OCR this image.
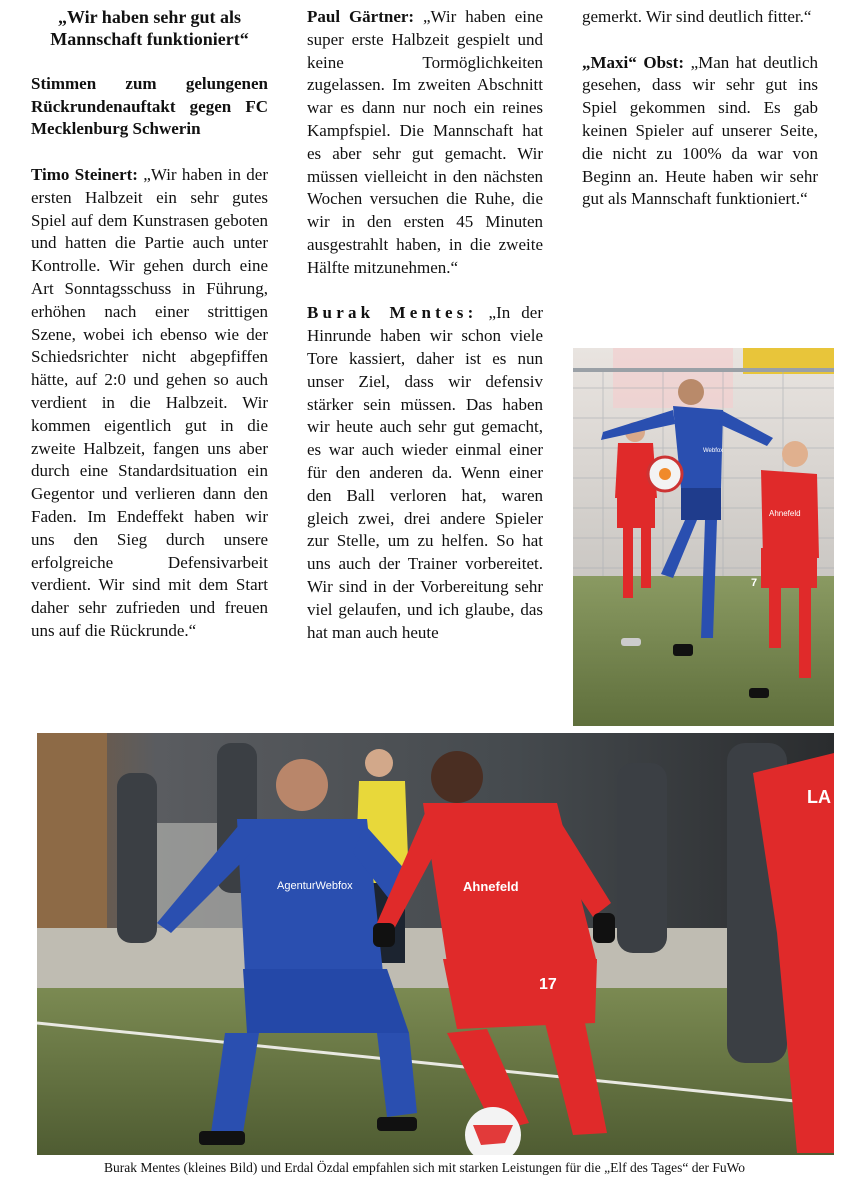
„Wir haben sehr gut als Mannschaft funktioniert“

Stimmen zum gelungenen Rückrundenauftakt gegen FC Mecklenburg Schwerin

Timo Steinert: „Wir haben in der ersten Halbzeit ein sehr gutes Spiel auf dem Kunstrasen geboten und hatten die Partie auch unter Kontrolle. Wir gehen durch eine Art Sonntagsschuss in Führung, erhöhen nach einer strittigen Szene, wobei ich ebenso wie der Schiedsrichter nicht abgepfiffen hätte, auf 2:0 und gehen so auch verdient in die Halbzeit. Wir kommen eigentlich gut in die zweite Halbzeit, fangen uns aber durch eine Standardsituation ein Gegentor und verlieren dann den Faden. Im Endeffekt haben wir uns den Sieg durch unsere erfolgreiche Defensivarbeit verdient. Wir sind mit dem Start daher sehr zufrieden und freuen uns auf die Rückrunde.“

Paul Gärtner: „Wir haben eine super erste Halbzeit gespielt und keine Tormöglichkeiten zugelassen. Im zweiten Abschnitt war es dann nur noch ein reines Kampfspiel. Die Mannschaft hat es aber sehr gut gemacht. Wir müssen vielleicht in den nächsten Wochen versuchen die Ruhe, die wir in den ersten 45 Minuten ausgestrahlt haben, in die zweite Hälfte mitzunehmen.“

Burak Mentes: „In der Hinrunde haben wir schon viele Tore kassiert, daher ist es nun unser Ziel, dass wir defensiv stärker sein müssen. Das haben wir heute auch sehr gut gemacht, es war auch wieder einmal einer für den anderen da. Wenn einer den Ball verloren hat, waren gleich zwei, drei andere Spieler zur Stelle, um zu helfen. So hat uns auch der Trainer vorbereitet. Wir sind in der Vorbereitung sehr viel gelaufen, und ich glaube, das hat man auch heute

gemerkt. Wir sind deutlich fitter.“

„Maxi“ Obst: „Man hat deutlich gesehen, dass wir sehr gut ins Spiel gekommen sind. Es gab keinen Spieler auf unserer Seite, die nicht zu 100% da war von Beginn an. Heute haben wir sehr gut als Mannschaft funktioniert.“

Webfox
Ahnefeld
7
AgenturWebfox	Ahnefeld
17
LA
Burak Mentes (kleines Bild) und Erdal Özdal empfahlen sich mit starken Leistungen für die „Elf des Tages“ der FuWo
